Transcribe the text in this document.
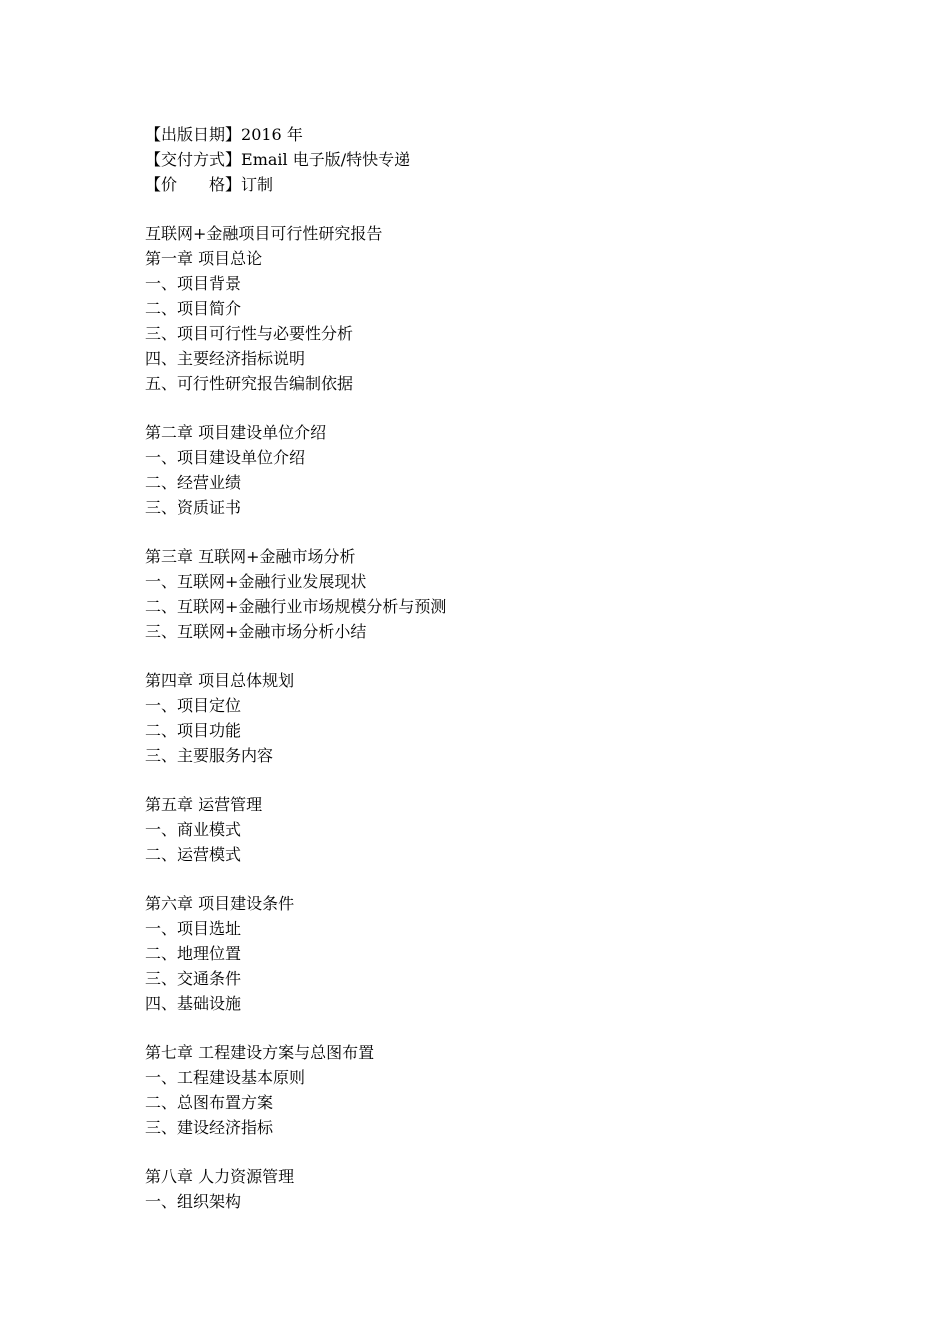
【出版日期】2016 年
【交付方式】Email 电子版/特快专递
【价　　格】订制
互联网+金融项目可行性研究报告
第一章 项目总论
一、项目背景
二、项目简介
三、项目可行性与必要性分析
四、主要经济指标说明
五、可行性研究报告编制依据
第二章 项目建设单位介绍
一、项目建设单位介绍
二、经营业绩
三、资质证书
第三章 互联网+金融市场分析
一、互联网+金融行业发展现状
二、互联网+金融行业市场规模分析与预测
三、互联网+金融市场分析小结
第四章 项目总体规划
一、项目定位
二、项目功能
三、主要服务内容
第五章 运营管理
一、商业模式
二、运营模式
第六章 项目建设条件
一、项目选址
二、地理位置
三、交通条件
四、基础设施
第七章 工程建设方案与总图布置
一、工程建设基本原则
二、总图布置方案
三、建设经济指标
第八章 人力资源管理
一、组织架构
